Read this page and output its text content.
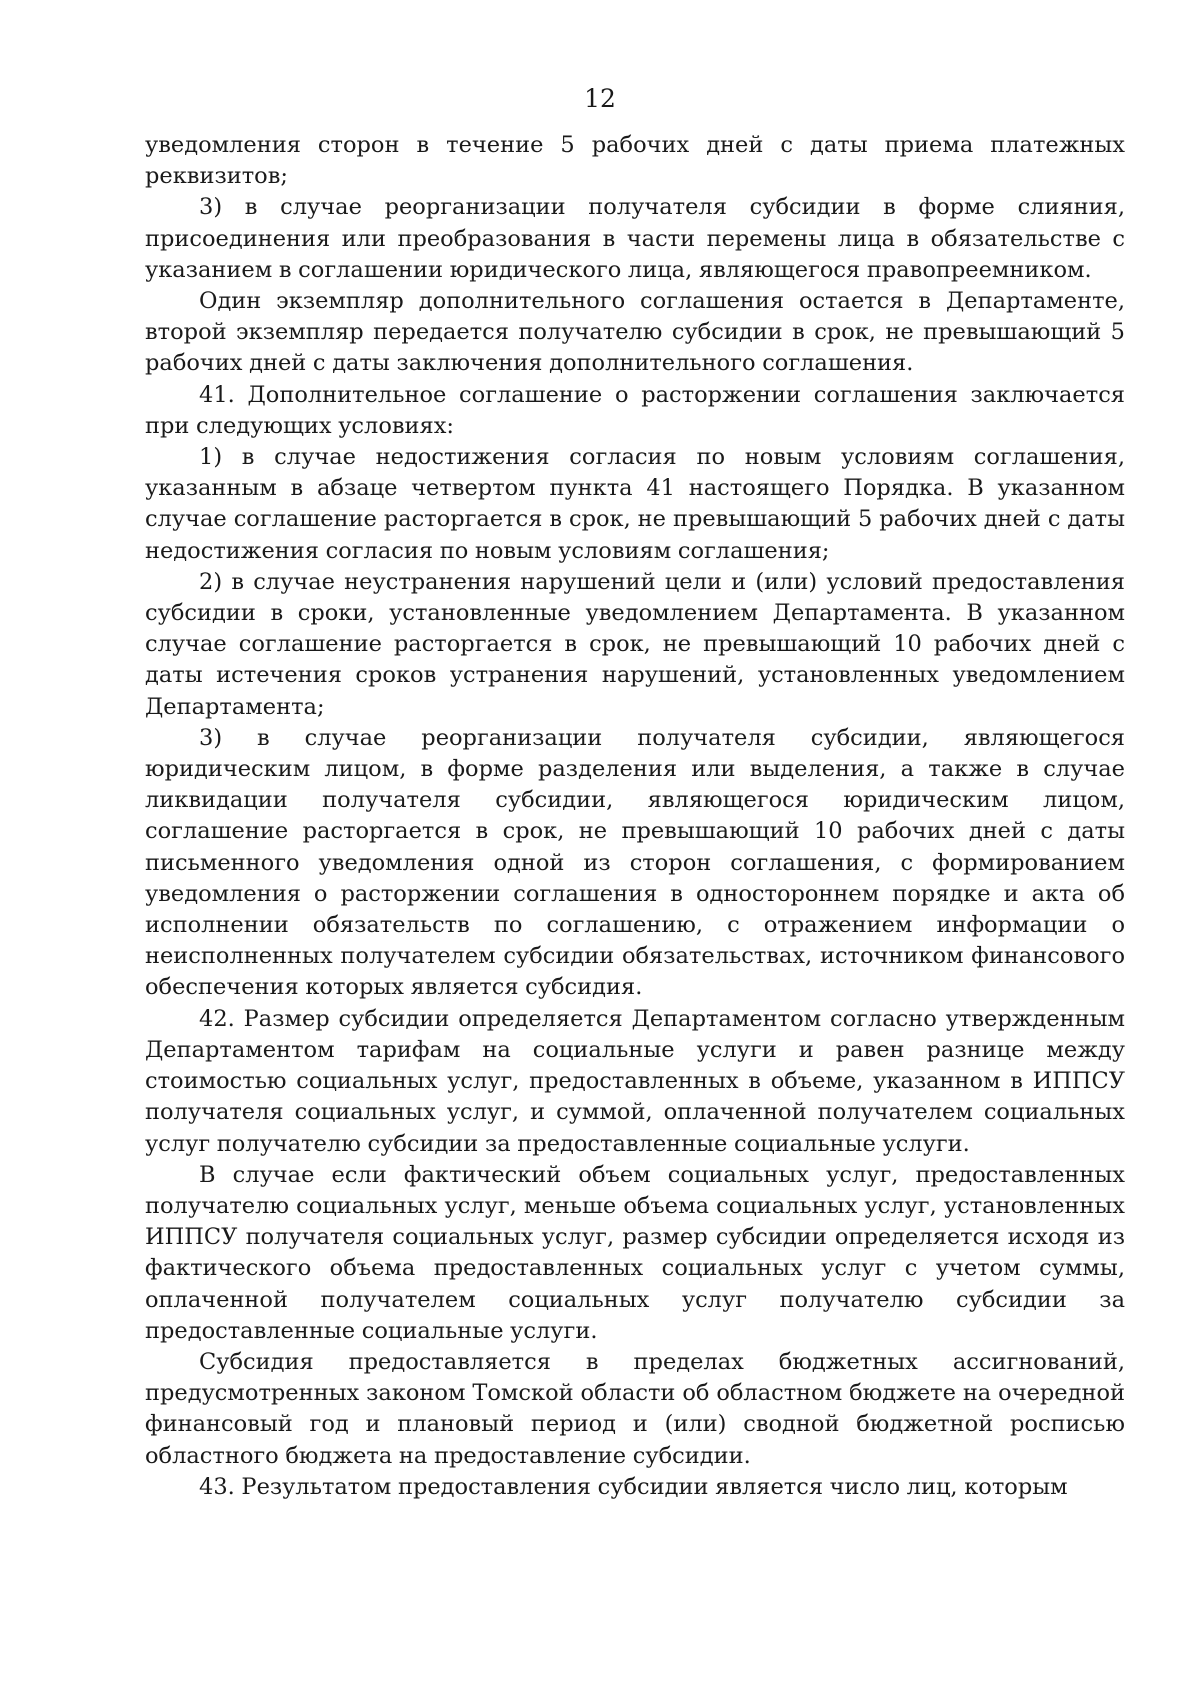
12

уведомления сторон в течение 5 рабочих дней с даты приема платежных реквизитов;

3) в случае реорганизации получателя субсидии в форме слияния, присоединения или преобразования в части перемены лица в обязательстве с указанием в соглашении юридического лица, являющегося правопреемником.

Один экземпляр дополнительного соглашения остается в Департаменте, второй экземпляр передается получателю субсидии в срок, не превышающий 5 рабочих дней с даты заключения дополнительного соглашения.

41. Дополнительное соглашение о расторжении соглашения заключается при следующих условиях:

1) в случае недостижения согласия по новым условиям соглашения, указанным в абзаце четвертом пункта 41 настоящего Порядка. В указанном случае соглашение расторгается в срок, не превышающий 5 рабочих дней с даты недостижения согласия по новым условиям соглашения;

2) в случае неустранения нарушений цели и (или) условий предоставления субсидии в сроки, установленные уведомлением Департамента. В указанном случае соглашение расторгается в срок, не превышающий 10 рабочих дней с даты истечения сроков устранения нарушений, установленных уведомлением Департамента;

3) в случае реорганизации получателя субсидии, являющегося юридическим лицом, в форме разделения или выделения, а также в случае ликвидации получателя субсидии, являющегося юридическим лицом, соглашение расторгается в срок, не превышающий 10 рабочих дней с даты письменного уведомления одной из сторон соглашения, с формированием уведомления о расторжении соглашения в одностороннем порядке и акта об исполнении обязательств по соглашению, с отражением информации о неисполненных получателем субсидии обязательствах, источником финансового обеспечения которых является субсидия.

42. Размер субсидии определяется Департаментом согласно утвержденным Департаментом тарифам на социальные услуги и равен разнице между стоимостью социальных услуг, предоставленных в объеме, указанном в ИППСУ получателя социальных услуг, и суммой, оплаченной получателем социальных услуг получателю субсидии за предоставленные социальные услуги.

В случае если фактический объем социальных услуг, предоставленных получателю социальных услуг, меньше объема социальных услуг, установленных ИППСУ получателя социальных услуг, размер субсидии определяется исходя из фактического объема предоставленных социальных услуг с учетом суммы, оплаченной получателем социальных услуг получателю субсидии за предоставленные социальные услуги.

Субсидия предоставляется в пределах бюджетных ассигнований, предусмотренных законом Томской области об областном бюджете на очередной финансовый год и плановый период и (или) сводной бюджетной росписью областного бюджета на предоставление субсидии.

43. Результатом предоставления субсидии является число лиц, которым
